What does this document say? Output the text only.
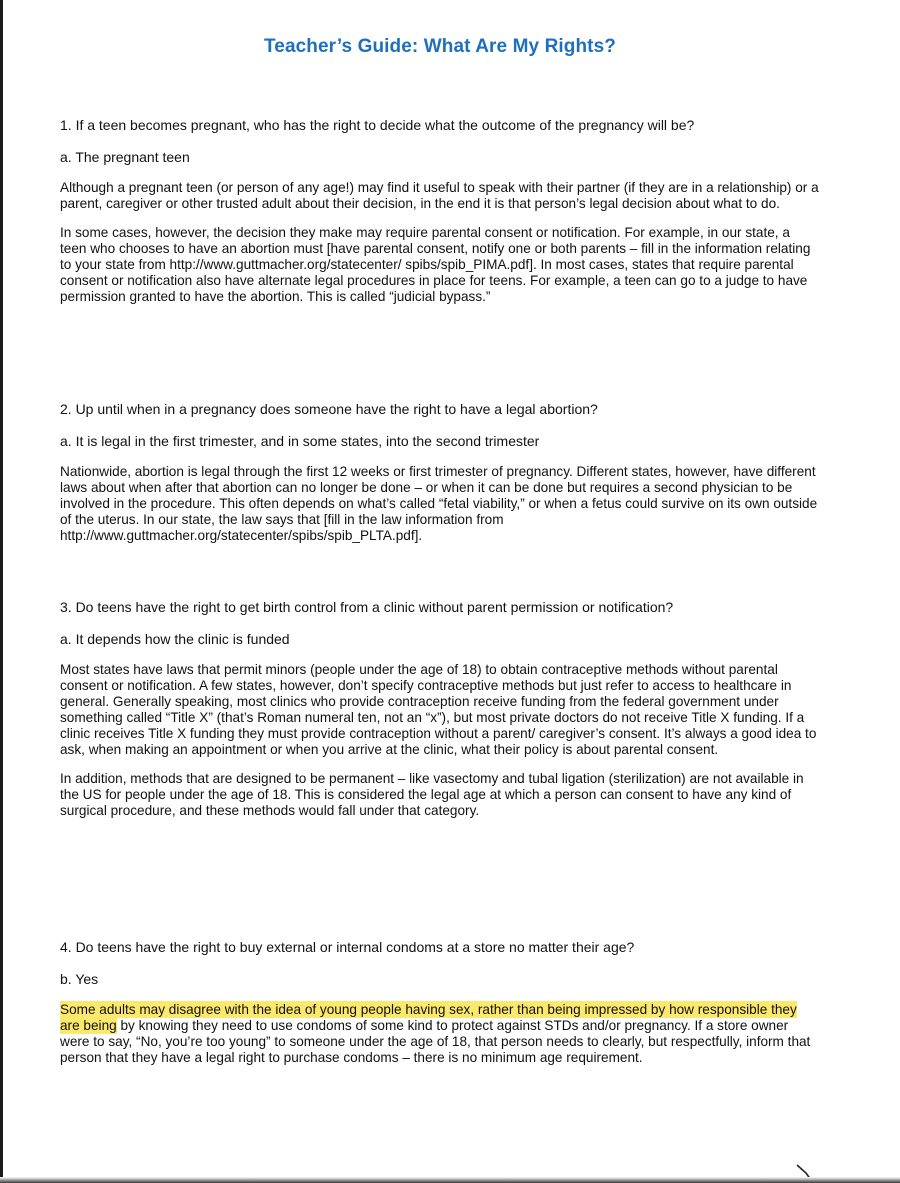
Teacher’s Guide: What Are My Rights?

1. If a teen becomes pregnant, who has the right to decide what the outcome of the pregnancy will be?

a. The pregnant teen

Although a pregnant teen (or person of any age!) may find it useful to speak with their partner (if they are in a relationship) or a parent, caregiver or other trusted adult about their decision, in the end it is that person’s legal decision about what to do.

In some cases, however, the decision they make may require parental consent or notification. For example, in our state, a teen who chooses to have an abortion must [have parental consent, notify one or both parents – fill in the information relating to your state from http://www.guttmacher.org/statecenter/ spibs/spib_PIMA.pdf]. In most cases, states that require parental consent or notification also have alternate legal procedures in place for teens. For example, a teen can go to a judge to have permission granted to have the abortion. This is called “judicial bypass.”

2. Up until when in a pregnancy does someone have the right to have a legal abortion?

a. It is legal in the first trimester, and in some states, into the second trimester

Nationwide, abortion is legal through the first 12 weeks or first trimester of pregnancy. Different states, however, have different laws about when after that abortion can no longer be done – or when it can be done but requires a second physician to be involved in the procedure. This often depends on what’s called “fetal viability,” or when a fetus could survive on its own outside of the uterus. In our state, the law says that [fill in the law information from http://www.guttmacher.org/statecenter/spibs/spib_PLTA.pdf].

3. Do teens have the right to get birth control from a clinic without parent permission or notification?

a. It depends how the clinic is funded

Most states have laws that permit minors (people under the age of 18) to obtain contraceptive methods without parental consent or notification. A few states, however, don’t specify contraceptive methods but just refer to access to healthcare in general. Generally speaking, most clinics who provide contraception receive funding from the federal government under something called “Title X” (that’s Roman numeral ten, not an “x”), but most private doctors do not receive Title X funding. If a clinic receives Title X funding they must provide contraception without a parent/ caregiver’s consent. It’s always a good idea to ask, when making an appointment or when you arrive at the clinic, what their policy is about parental consent.

In addition, methods that are designed to be permanent – like vasectomy and tubal ligation (sterilization) are not available in the US for people under the age of 18. This is considered the legal age at which a person can consent to have any kind of surgical procedure, and these methods would fall under that category.

4. Do teens have the right to buy external or internal condoms at a store no matter their age?

b. Yes

Some adults may disagree with the idea of young people having sex, rather than being impressed by how responsible they are being by knowing they need to use condoms of some kind to protect against STDs and/or pregnancy. If a store owner were to say, “No, you’re too young” to someone under the age of 18, that person needs to clearly, but respectfully, inform that person that they have a legal right to purchase condoms – there is no minimum age requirement.
